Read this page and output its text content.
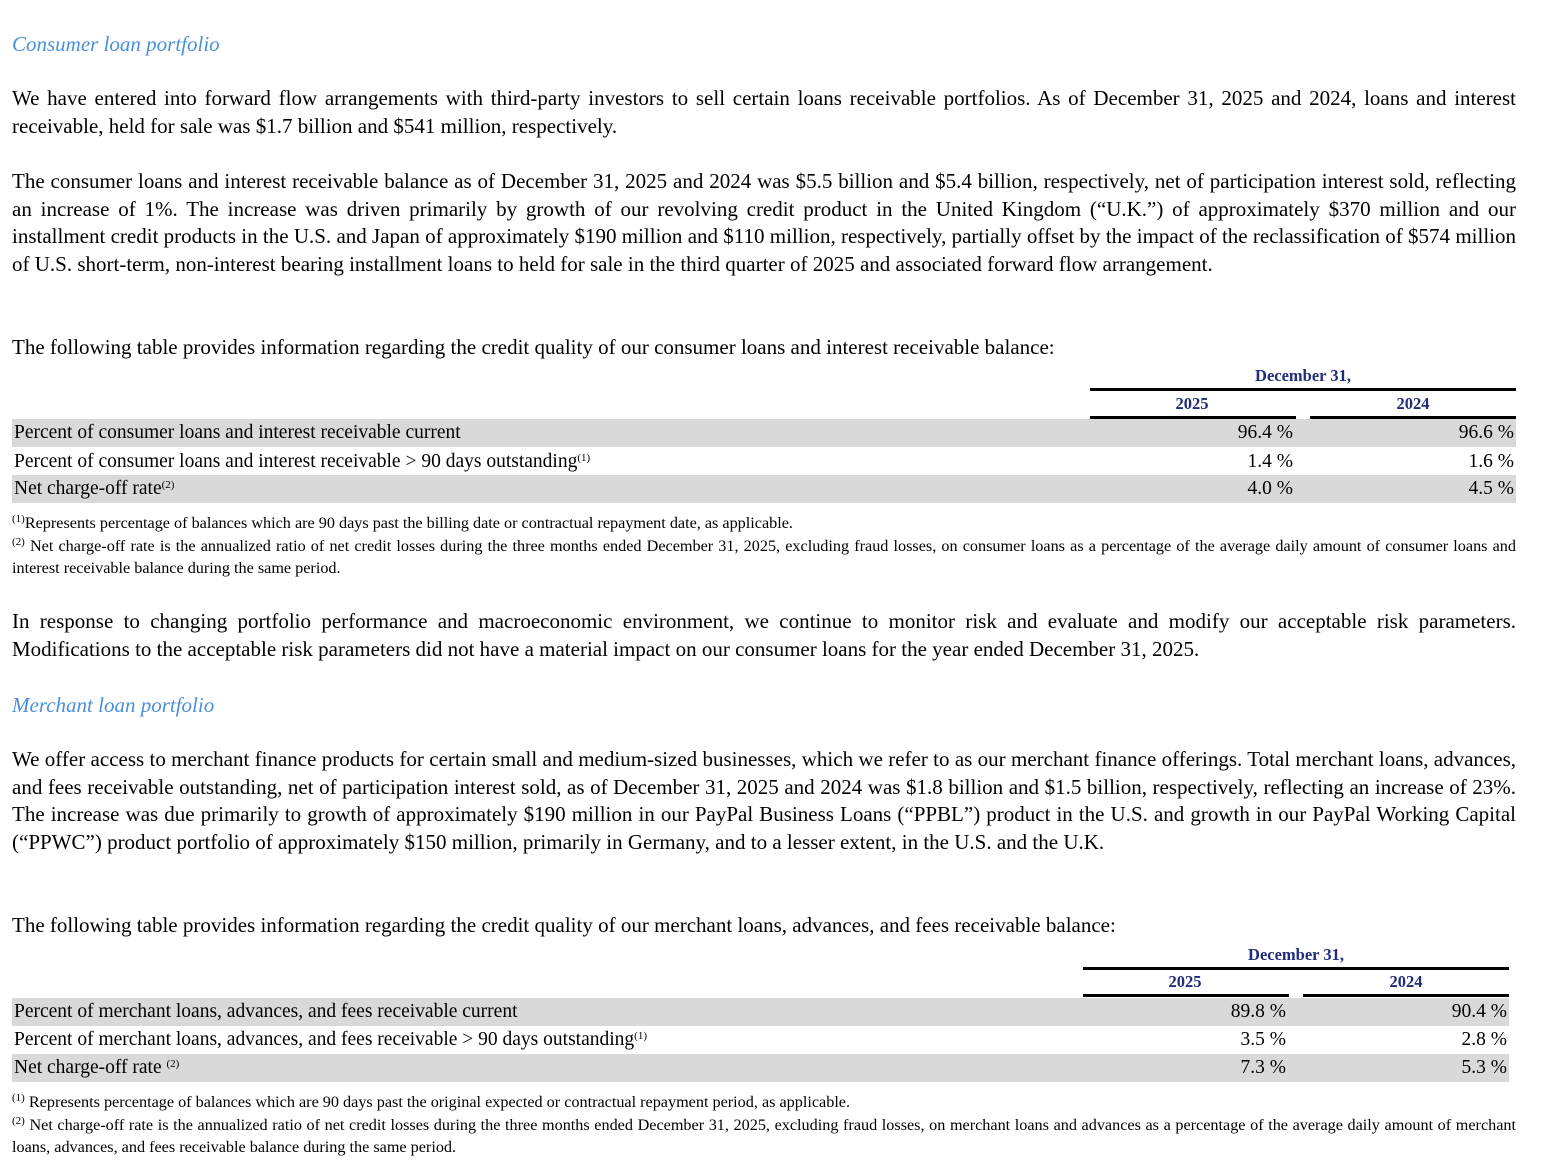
Consumer loan portfolio

We have entered into forward flow arrangements with third-party investors to sell certain loans receivable portfolios. As of December 31, 2025 and 2024, loans and interest receivable, held for sale was $1.7 billion and $541 million, respectively.

The consumer loans and interest receivable balance as of December 31, 2025 and 2024 was $5.5 billion and $5.4 billion, respectively, net of participation interest sold, reflecting an increase of 1%. The increase was driven primarily by growth of our revolving credit product in the United Kingdom (“U.K.”) of approximately $370 million and our installment credit products in the U.S. and Japan of approximately $190 million and $110 million, respectively, partially offset by the impact of the reclassification of $574 million of U.S. short-term, non-interest bearing installment loans to held for sale in the third quarter of 2025 and associated forward flow arrangement.

The following table provides information regarding the credit quality of our consumer loans and interest receivable balance:

December 31,
2025	2024
Percent of consumer loans and interest receivable current	96.4 %	96.6 %
Percent of consumer loans and interest receivable > 90 days outstanding$^{(1)}$	1.4 %	1.6 %
Net charge-off rate$^{(2)}$	4.0 %	4.5 %

$^{(1)}$Represents percentage of balances which are 90 days past the billing date or contractual repayment date, as applicable.
$^{(2)}$ Net charge-off rate is the annualized ratio of net credit losses during the three months ended December 31, 2025, excluding fraud losses, on consumer loans as a percentage of the average daily amount of consumer loans and interest receivable balance during the same period.

In response to changing portfolio performance and macroeconomic environment, we continue to monitor risk and evaluate and modify our acceptable risk parameters. Modifications to the acceptable risk parameters did not have a material impact on our consumer loans for the year ended December 31, 2025.

Merchant loan portfolio

We offer access to merchant finance products for certain small and medium-sized businesses, which we refer to as our merchant finance offerings. Total merchant loans, advances, and fees receivable outstanding, net of participation interest sold, as of December 31, 2025 and 2024 was $1.8 billion and $1.5 billion, respectively, reflecting an increase of 23%. The increase was due primarily to growth of approximately $190 million in our PayPal Business Loans (“PPBL”) product in the U.S. and growth in our PayPal Working Capital (“PPWC”) product portfolio of approximately $150 million, primarily in Germany, and to a lesser extent, in the U.S. and the U.K.

The following table provides information regarding the credit quality of our merchant loans, advances, and fees receivable balance:

December 31,
2025	2024
Percent of merchant loans, advances, and fees receivable current	89.8 %	90.4 %
Percent of merchant loans, advances, and fees receivable > 90 days outstanding$^{(1)}$	3.5 %	2.8 %
Net charge-off rate $^{(2)}$	7.3 %	5.3 %

$^{(1)}$ Represents percentage of balances which are 90 days past the original expected or contractual repayment period, as applicable.
$^{(2)}$ Net charge-off rate is the annualized ratio of net credit losses during the three months ended December 31, 2025, excluding fraud losses, on merchant loans and advances as a percentage of the average daily amount of merchant loans, advances, and fees receivable balance during the same period.
